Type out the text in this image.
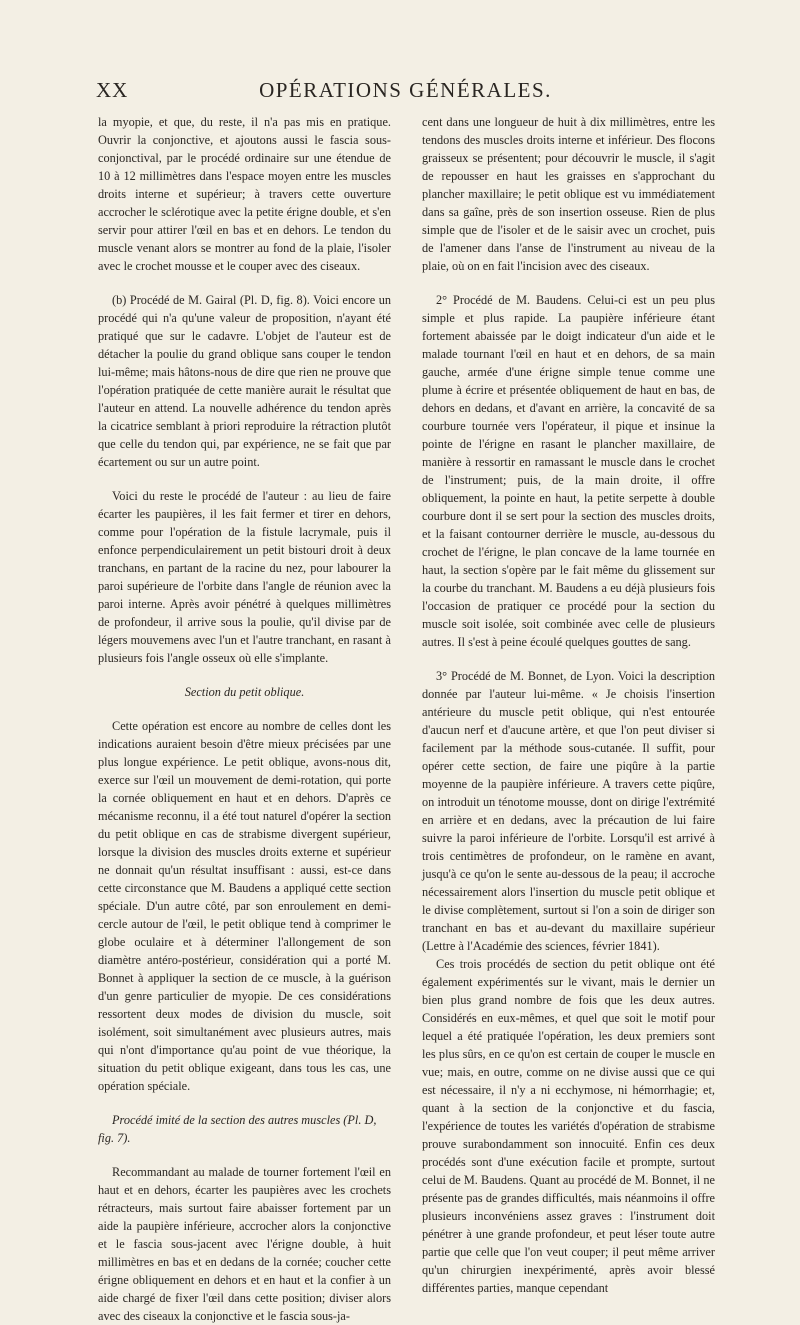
XX	OPÉRATIONS GÉNÉRALES.

la myopie, et que, du reste, il n'a pas mis en pratique. Ouvrir la conjonctive, et ajoutons aussi le fascia sous-conjonctival, par le procédé ordinaire sur une étendue de 10 à 12 millimètres dans l'espace moyen entre les muscles droits interne et supérieur; à travers cette ouverture accrocher le sclérotique avec la petite érigne double, et s'en servir pour attirer l'œil en bas et en dehors. Le tendon du muscle venant alors se montrer au fond de la plaie, l'isoler avec le crochet mousse et le couper avec des ciseaux.

(b) Procédé de M. Gairal (Pl. D, fig. 8). Voici encore un procédé qui n'a qu'une valeur de proposition, n'ayant été pratiqué que sur le cadavre. L'objet de l'auteur est de détacher la poulie du grand oblique sans couper le tendon lui-même; mais hâtons-nous de dire que rien ne prouve que l'opération pratiquée de cette manière aurait le résultat que l'auteur en attend. La nouvelle adhérence du tendon après la cicatrice semblant à priori reproduire la rétraction plutôt que celle du tendon qui, par expérience, ne se fait que par écartement ou sur un autre point.

Voici du reste le procédé de l'auteur : au lieu de faire écarter les paupières, il les fait fermer et tirer en dehors, comme pour l'opération de la fistule lacrymale, puis il enfonce perpendiculairement un petit bistouri droit à deux tranchans, en partant de la racine du nez, pour labourer la paroi supérieure de l'orbite dans l'angle de réunion avec la paroi interne. Après avoir pénétré à quelques millimètres de profondeur, il arrive sous la poulie, qu'il divise par de légers mouvemens avec l'un et l'autre tranchant, en rasant à plusieurs fois l'angle osseux où elle s'implante.

Section du petit oblique.

Cette opération est encore au nombre de celles dont les indications auraient besoin d'être mieux précisées par une plus longue expérience. Le petit oblique, avons-nous dit, exerce sur l'œil un mouvement de demi-rotation, qui porte la cornée obliquement en haut et en dehors. D'après ce mécanisme reconnu, il a été tout naturel d'opérer la section du petit oblique en cas de strabisme divergent supérieur, lorsque la division des muscles droits externe et supérieur ne donnait qu'un résultat insuffisant : aussi, est-ce dans cette circonstance que M. Baudens a appliqué cette section spéciale. D'un autre côté, par son enroulement en demi-cercle autour de l'œil, le petit oblique tend à comprimer le globe oculaire et à déterminer l'allongement de son diamètre antéro-postérieur, considération qui a porté M. Bonnet à appliquer la section de ce muscle, à la guérison d'un genre particulier de myopie. De ces considérations ressortent deux modes de division du muscle, soit isolément, soit simultanément avec plusieurs autres, mais qui n'ont d'importance qu'au point de vue théorique, la situation du petit oblique exigeant, dans tous les cas, une opération spéciale.

Procédé imité de la section des autres muscles (Pl. D, fig. 7).

Recommandant au malade de tourner fortement l'œil en haut et en dehors, écarter les paupières avec les crochets rétracteurs, mais surtout faire abaisser fortement par un aide la paupière inférieure, accrocher alors la conjonctive et le fascia sous-jacent avec l'érigne double, à huit millimètres en bas et en dedans de la cornée; coucher cette érigne obliquement en dehors et en haut et la confier à un aide chargé de fixer l'œil dans cette position; diviser alors avec des ciseaux la conjonctive et le fascia sous-ja-

cent dans une longueur de huit à dix millimètres, entre les tendons des muscles droits interne et inférieur. Des flocons graisseux se présentent; pour découvrir le muscle, il s'agit de repousser en haut les graisses en s'approchant du plancher maxillaire; le petit oblique est vu immédiatement dans sa gaîne, près de son insertion osseuse. Rien de plus simple que de l'isoler et de le saisir avec un crochet, puis de l'amener dans l'anse de l'instrument au niveau de la plaie, où on en fait l'incision avec des ciseaux.

2° Procédé de M. Baudens. Celui-ci est un peu plus simple et plus rapide. La paupière inférieure étant fortement abaissée par le doigt indicateur d'un aide et le malade tournant l'œil en haut et en dehors, de sa main gauche, armée d'une érigne simple tenue comme une plume à écrire et présentée obliquement de haut en bas, de dehors en dedans, et d'avant en arrière, la concavité de sa courbure tournée vers l'opérateur, il pique et insinue la pointe de l'érigne en rasant le plancher maxillaire, de manière à ressortir en ramassant le muscle dans le crochet de l'instrument; puis, de la main droite, il offre obliquement, la pointe en haut, la petite serpette à double courbure dont il se sert pour la section des muscles droits, et la faisant contourner derrière le muscle, au-dessous du crochet de l'érigne, le plan concave de la lame tournée en haut, la section s'opère par le fait même du glissement sur la courbe du tranchant. M. Baudens a eu déjà plusieurs fois l'occasion de pratiquer ce procédé pour la section du muscle soit isolée, soit combinée avec celle de plusieurs autres. Il s'est à peine écoulé quelques gouttes de sang.

3° Procédé de M. Bonnet, de Lyon. Voici la description donnée par l'auteur lui-même. « Je choisis l'insertion antérieure du muscle petit oblique, qui n'est entourée d'aucun nerf et d'aucune artère, et que l'on peut diviser si facilement par la méthode sous-cutanée. Il suffit, pour opérer cette section, de faire une piqûre à la partie moyenne de la paupière inférieure. A travers cette piqûre, on introduit un ténotome mousse, dont on dirige l'extrémité en arrière et en dedans, avec la précaution de lui faire suivre la paroi inférieure de l'orbite. Lorsqu'il est arrivé à trois centimètres de profondeur, on le ramène en avant, jusqu'à ce qu'on le sente au-dessous de la peau; il accroche nécessairement alors l'insertion du muscle petit oblique et le divise complètement, surtout si l'on a soin de diriger son tranchant en bas et au-devant du maxillaire supérieur (Lettre à l'Académie des sciences, février 1841).

Ces trois procédés de section du petit oblique ont été également expérimentés sur le vivant, mais le dernier un bien plus grand nombre de fois que les deux autres. Considérés en eux-mêmes, et quel que soit le motif pour lequel a été pratiquée l'opération, les deux premiers sont les plus sûrs, en ce qu'on est certain de couper le muscle en vue; mais, en outre, comme on ne divise aussi que ce qui est nécessaire, il n'y a ni ecchymose, ni hémorrhagie; et, quant à la section de la conjonctive et du fascia, l'expérience de toutes les variétés d'opération de strabisme prouve surabondamment son innocuité. Enfin ces deux procédés sont d'une exécution facile et prompte, surtout celui de M. Baudens. Quant au procédé de M. Bonnet, il ne présente pas de grandes difficultés, mais néanmoins il offre plusieurs inconvéniens assez graves : l'instrument doit pénétrer à une grande profondeur, et peut léser toute autre partie que celle que l'on veut couper; il peut même arriver qu'un chirurgien inexpérimenté, après avoir blessé différentes parties, manque cependant
